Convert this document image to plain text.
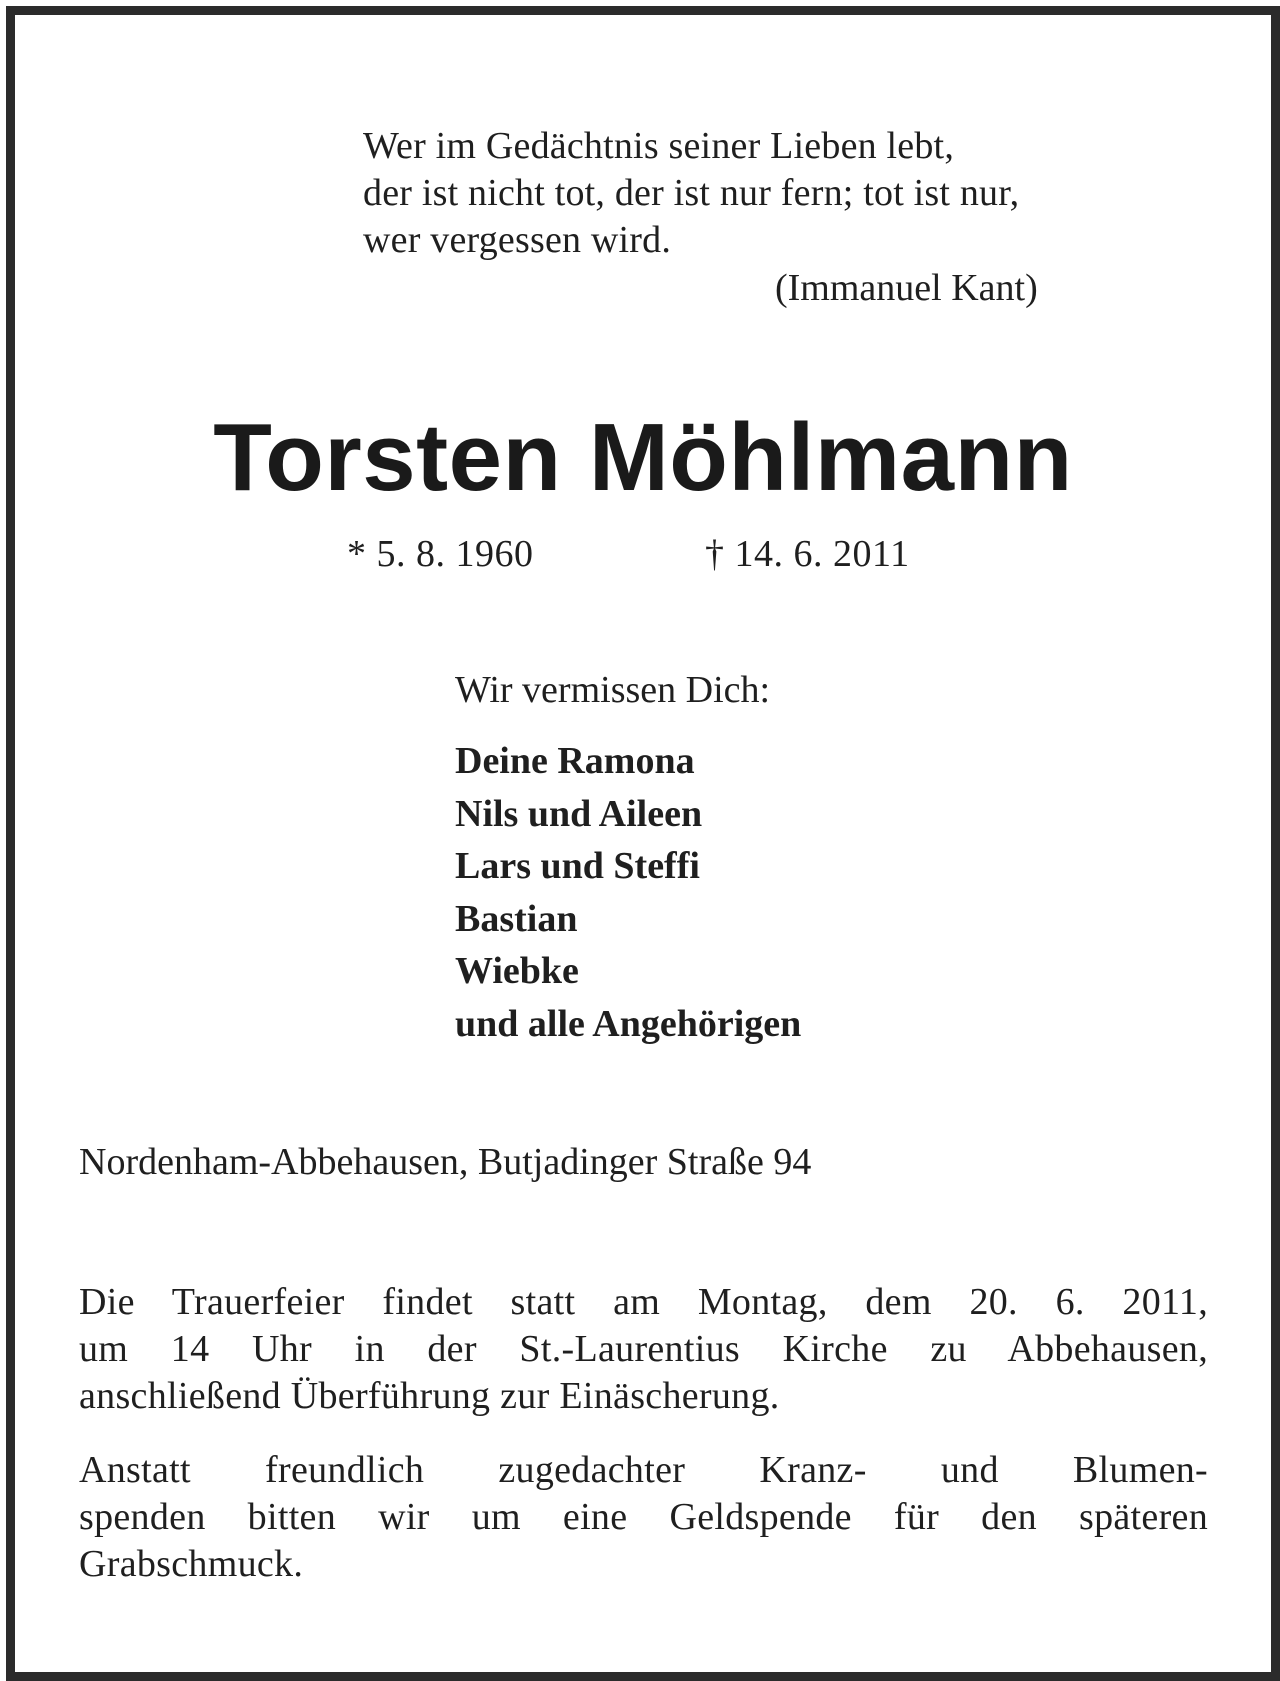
Wer im Gedächtnis seiner Lieben lebt,
der ist nicht tot, der ist nur fern; tot ist nur,
wer vergessen wird.
(Immanuel Kant)
Torsten Möhlmann
* 5. 8. 1960	† 14. 6. 2011
Wir vermissen Dich:
Deine Ramona
Nils und Aileen
Lars und Steffi
Bastian
Wiebke
und alle Angehörigen
Nordenham-Abbehausen, Butjadinger Straße 94
Die Trauerfeier findet statt am Montag, dem 20. 6. 2011,
um 14 Uhr in der St.-Laurentius Kirche zu Abbehausen,
anschließend Überführung zur Einäscherung.
Anstatt freundlich zugedachter Kranz- und Blumen-
spenden bitten wir um eine Geldspende für den späteren
Grabschmuck.
